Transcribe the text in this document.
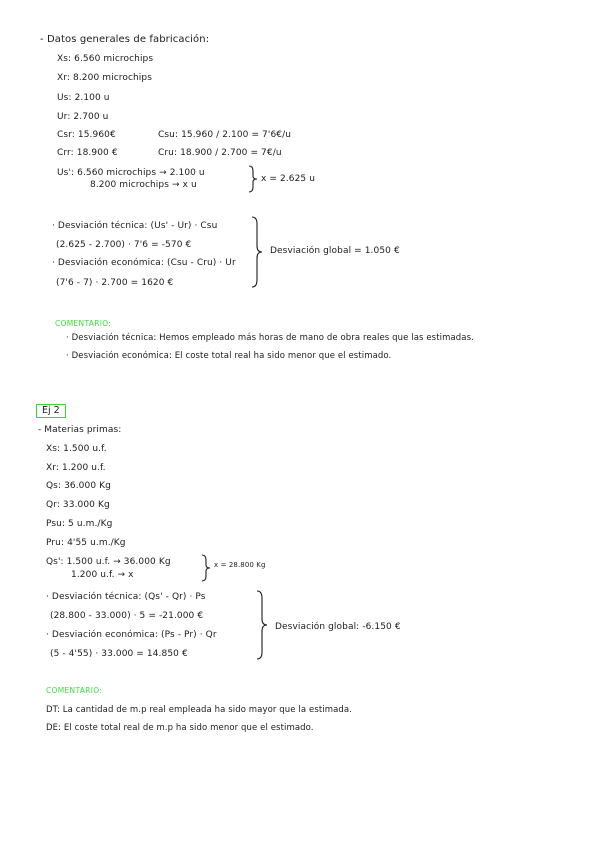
- Datos generales de fabricación:
Xs: 6.560 microchips
Xr: 8.200 microchips
Us: 2.100 u
Ur: 2.700 u
Csr: 15.960€	Csu: 15.960 / 2.100 = 7'6€/u
Crr: 18.900 €	Cru: 18.900 / 2.700 = 7€/u
Us': 6.560 microchips → 2.100 u
8.200 microchips → x u
x = 2.625 u
· Desviación técnica: (Us' - Ur) · Csu
(2.625 - 2.700) · 7'6 = -570 €
· Desviación económica: (Csu - Cru) · Ur
(7'6 - 7) · 2.700 = 1620 €
Desviación global = 1.050 €
COMENTARIO:
· Desviación técnica: Hemos empleado más horas de mano de obra reales que las estimadas.
· Desviación económica: El coste total real ha sido menor que el estimado.
Ej 2
- Materias primas:
Xs: 1.500 u.f.
Xr: 1.200 u.f.
Qs: 36.000 Kg
Qr: 33.000 Kg
Psu: 5 u.m./Kg
Pru: 4'55 u.m./Kg
Qs': 1.500 u.f. → 36.000 Kg
1.200 u.f. → x
x = 28.800 Kg
· Desviación técnica: (Qs' - Qr) · Ps
(28.800 - 33.000) · 5 = -21.000 €
· Desviación económica: (Ps - Pr) · Qr
(5 - 4'55) · 33.000 = 14.850 €
Desviación global: -6.150 €
COMENTARIO:
DT: La cantidad de m.p real empleada ha sido mayor que la estimada.
DE: El coste total real de m.p ha sido menor que el estimado.
